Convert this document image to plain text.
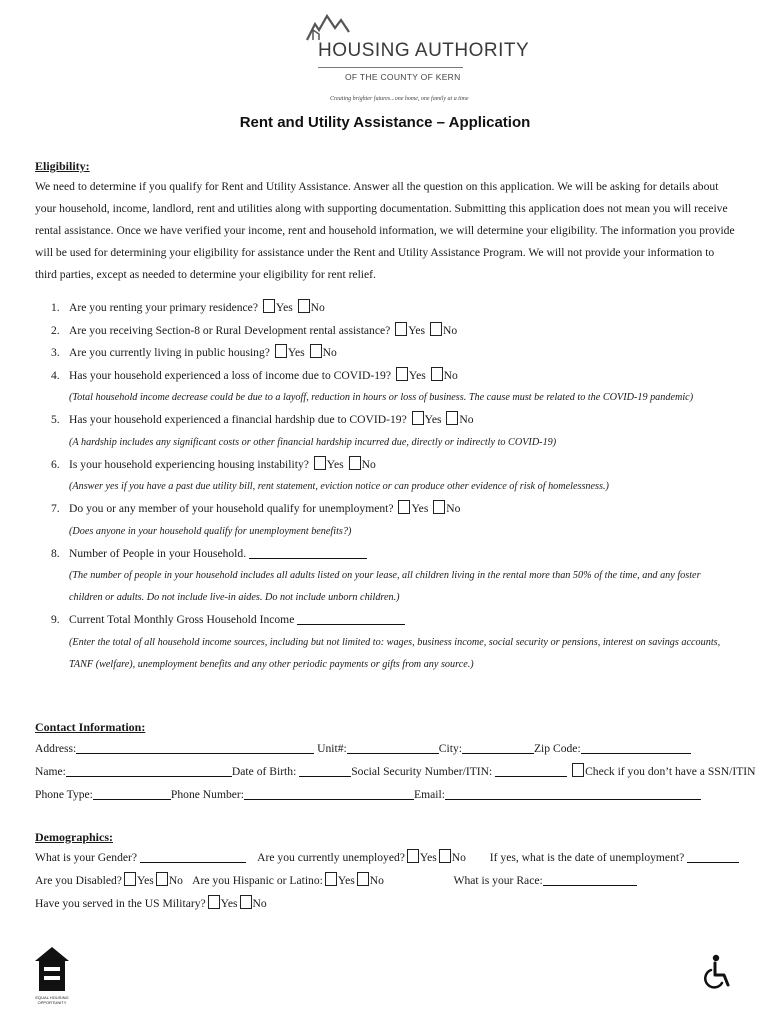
HOUSING AUTHORITY
OF THE COUNTY OF KERN
Creating brighter futures...one home, one family at a time
Rent and Utility Assistance – Application
Eligibility:
We need to determine if you qualify for Rent and Utility Assistance. Answer all the question on this application. We will be asking for details about your household, income, landlord, rent and utilities along with supporting documentation. Submitting this application does not mean you will receive rental assistance. Once we have verified your income, rent and household information, we will determine your eligibility. The information you provide will be used for determining your eligibility for assistance under the Rent and Utility Assistance Program. We will not provide your information to third parties, except as needed to determine your eligibility for rent relief.
1. Are you renting your primary residence? Yes No
2. Are you receiving Section-8 or Rural Development rental assistance? Yes No
3. Are you currently living in public housing? Yes No
4. Has your household experienced a loss of income due to COVID-19? Yes No
(Total household income decrease could be due to a layoff, reduction in hours or loss of business. The cause must be related to the COVID-19 pandemic)
5. Has your household experienced a financial hardship due to COVID-19? Yes No
(A hardship includes any significant costs or other financial hardship incurred due, directly or indirectly to COVID-19)
6. Is your household experiencing housing instability? Yes No
(Answer yes if you have a past due utility bill, rent statement, eviction notice or can produce other evidence of risk of homelessness.)
7. Do you or any member of your household qualify for unemployment? Yes No
(Does anyone in your household qualify for unemployment benefits?)
8. Number of People in your Household.
(The number of people in your household includes all adults listed on your lease, all children living in the rental more than 50% of the time, and any foster children or adults. Do not include live-in aides. Do not include unborn children.)
9. Current Total Monthly Gross Household Income
(Enter the total of all household income sources, including but not limited to: wages, business income, social security or pensions, interest on savings accounts, TANF (welfare), unemployment benefits and any other periodic payments or gifts from any source.)
Contact Information:
Address:	Unit#:	City:	Zip Code:
Name:	Date of Birth:	Social Security Number/ITIN:	Check if you don’t have a SSN/ITIN
Phone Type:	Phone Number:	Email:
Demographics:
What is your Gender?	Are you currently unemployed? Yes No If yes, what is the date of unemployment?
Are you Disabled? Yes No Are you Hispanic or Latino: Yes No	What is your Race:
Have you served in the US Military? Yes No
EQUAL HOUSING OPPORTUNITY
